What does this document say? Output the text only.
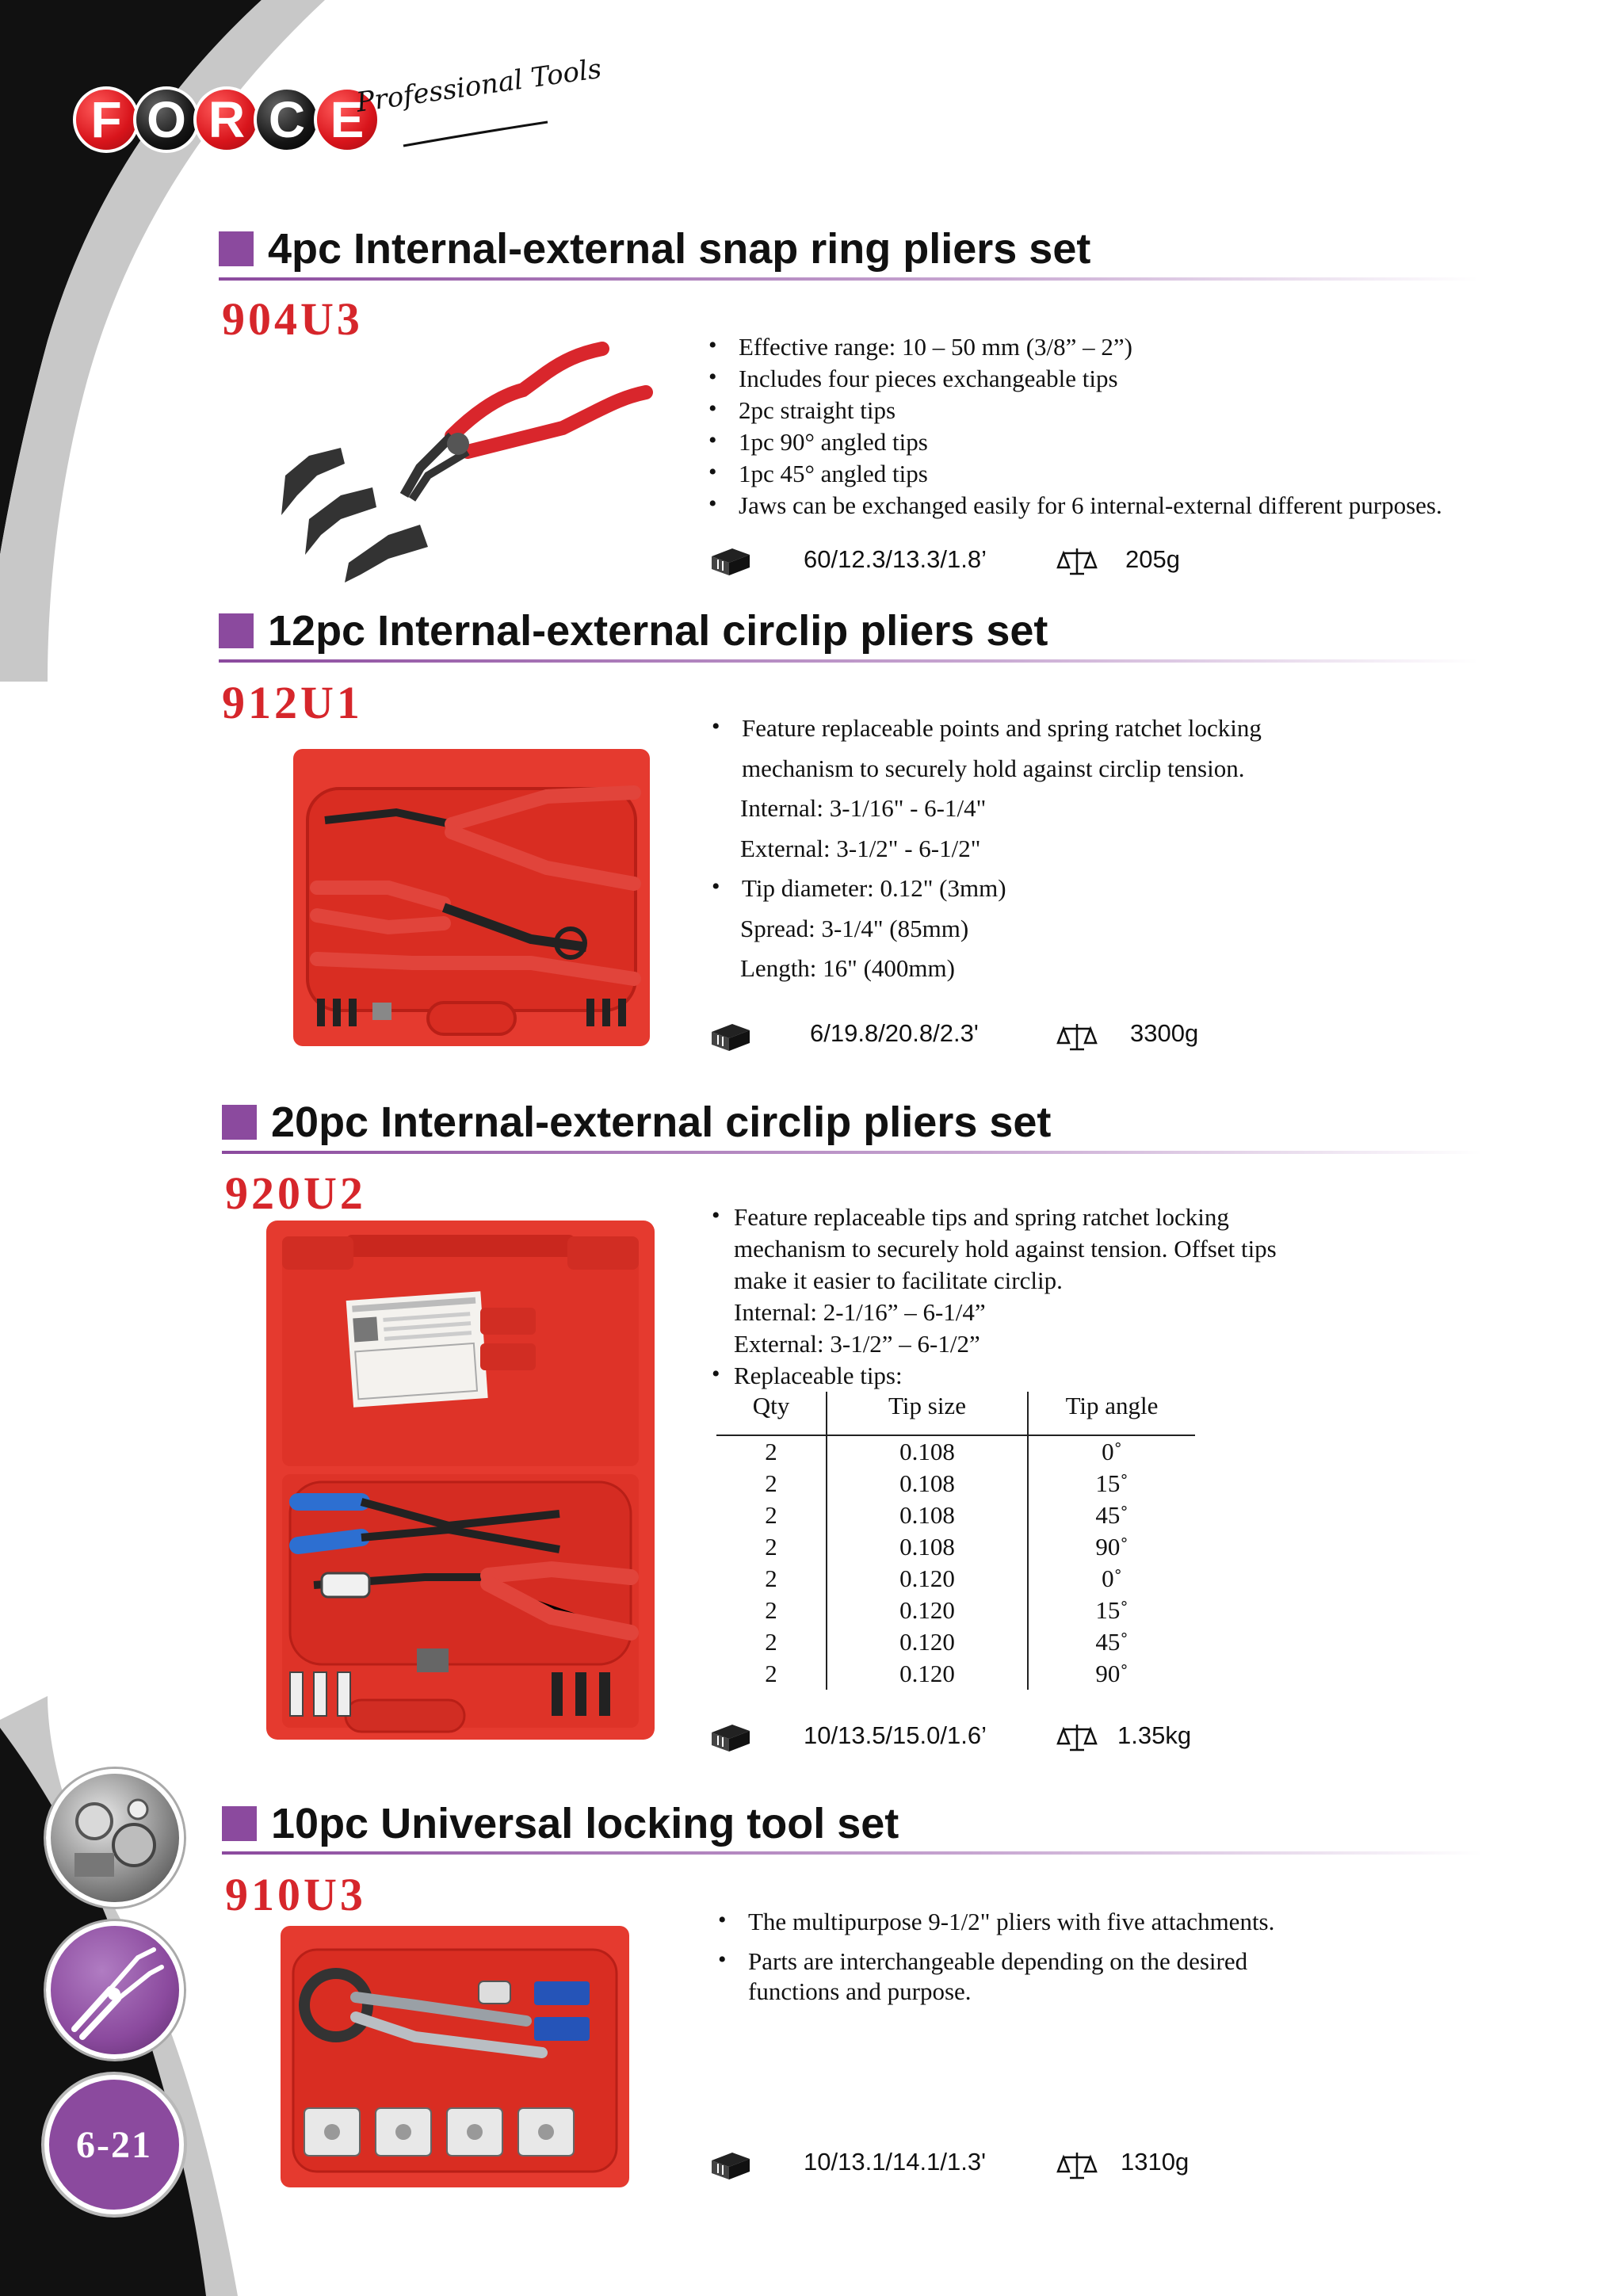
F O R C E
Professional Tools
4pc Internal-external snap ring pliers set
904U3
• Effective range: 10 – 50 mm (3/8” – 2”)
• Includes four pieces exchangeable tips
• 2pc straight tips
• 1pc 90° angled tips
• 1pc 45° angled tips
• Jaws can be exchanged easily for 6 internal-external different purposes.
60/12.3/13.3/1.8’	205g
12pc Internal-external circlip pliers set
912U1	• Feature replaceable points and spring ratchet locking
mechanism to securely hold against circlip tension.
Internal: 3-1/16" - 6-1/4"
External: 3-1/2" - 6-1/2"
• Tip diameter: 0.12" (3mm)
Spread: 3-1/4" (85mm)
Length: 16" (400mm)
6/19.8/20.8/2.3'	3300g
20pc Internal-external circlip pliers set
920U2	• Feature replaceable tips and spring ratchet locking
mechanism to securely hold against tension. Offset tips
make it easier to facilitate circlip.
Internal: 2-1/16” – 6-1/4”
External: 3-1/2” – 6-1/2”
• Replaceable tips:
Qty	Tip size	Tip angle
2	0.108	0˚
2	0.108	15˚
2	0.108	45˚
2	0.108	90˚
2	0.120	0˚
2	0.120	15˚
2	0.120	45˚
2	0.120	90˚
10/13.5/15.0/1.6’	1.35kg
10pc Universal locking tool set
910U3
• The multipurpose 9-1/2" pliers with five attachments.
• Parts are interchangeable depending on the desired
functions and purpose.
10/13.1/14.1/1.3'	1310g
6-21
